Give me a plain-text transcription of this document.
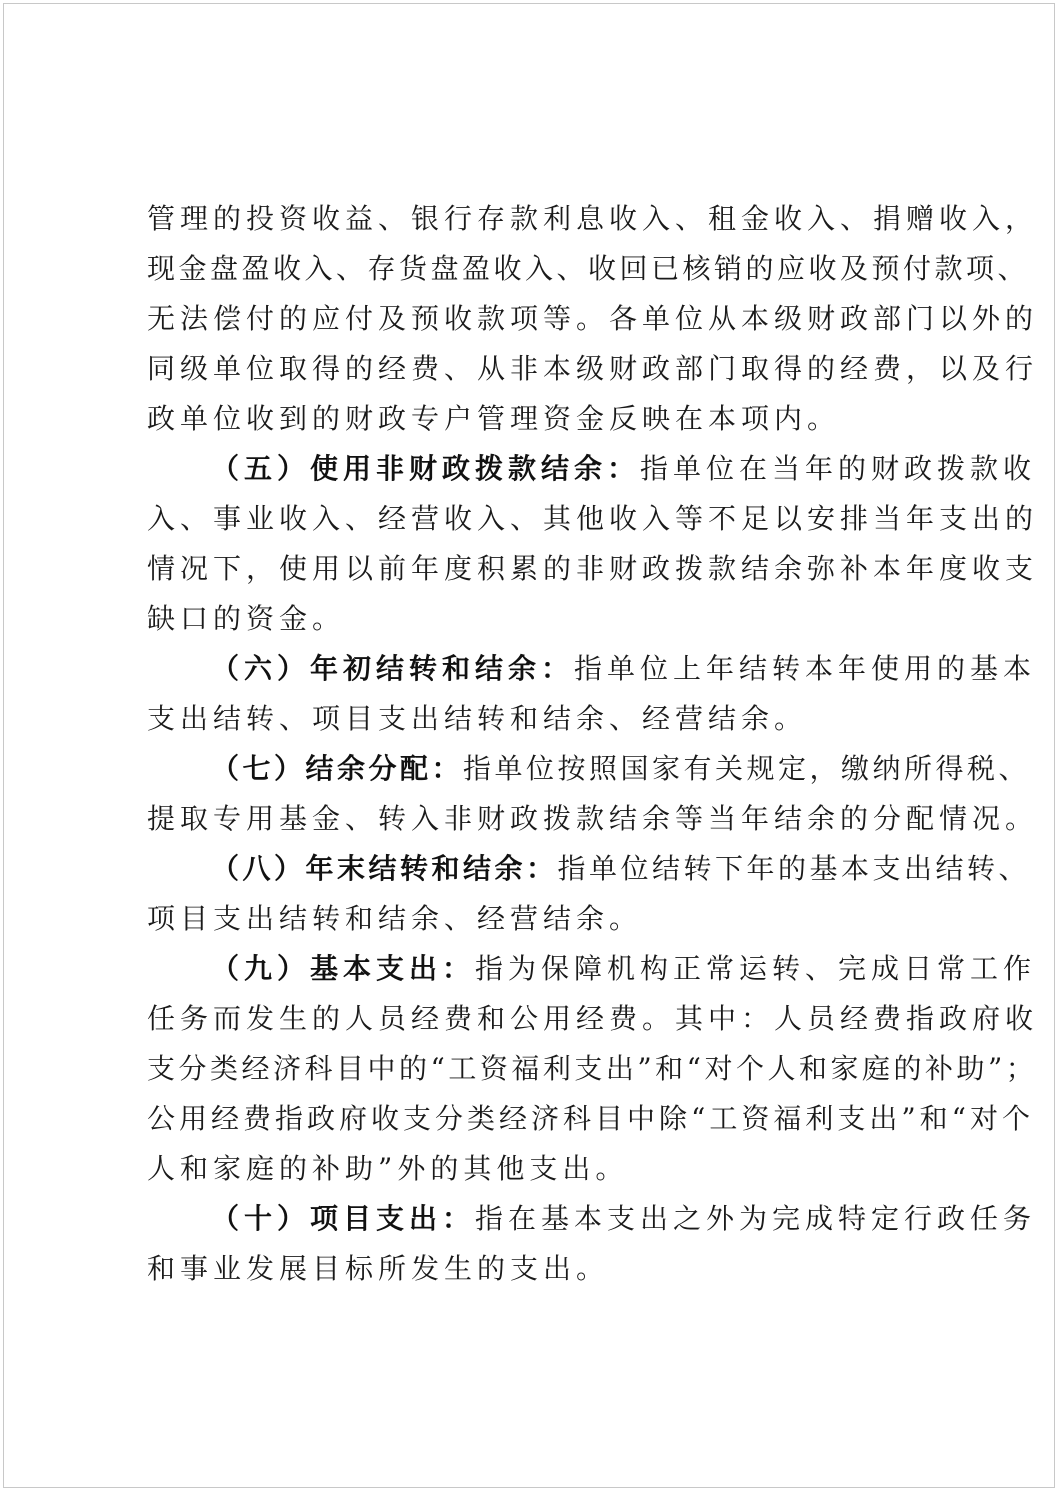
管理的投资收益、银行存款利息收入、租金收入、捐赠收入，
现金盘盈收入、存货盘盈收入、收回已核销的应收及预付款项、
无法偿付的应付及预收款项等。各单位从本级财政部门以外的
同级单位取得的经费、从非本级财政部门取得的经费，以及行
政单位收到的财政专户管理资金反映在本项内。
（五）使用非财政拨款结余：指单位在当年的财政拨款收
入、事业收入、经营收入、其他收入等不足以安排当年支出的
情况下，使用以前年度积累的非财政拨款结余弥补本年度收支
缺口的资金。
（六）年初结转和结余：指单位上年结转本年使用的基本
支出结转、项目支出结转和结余、经营结余。
（七）结余分配：指单位按照国家有关规定，缴纳所得税、
提取专用基金、转入非财政拨款结余等当年结余的分配情况。
（八）年末结转和结余：指单位结转下年的基本支出结转、
项目支出结转和结余、经营结余。
（九）基本支出：指为保障机构正常运转、完成日常工作
任务而发生的人员经费和公用经费。其中：人员经费指政府收
支分类经济科目中的“工资福利支出”和“对个人和家庭的补助”；
公用经费指政府收支分类经济科目中除“工资福利支出”和“对个
人和家庭的补助”外的其他支出。
（十）项目支出：指在基本支出之外为完成特定行政任务
和事业发展目标所发生的支出。
